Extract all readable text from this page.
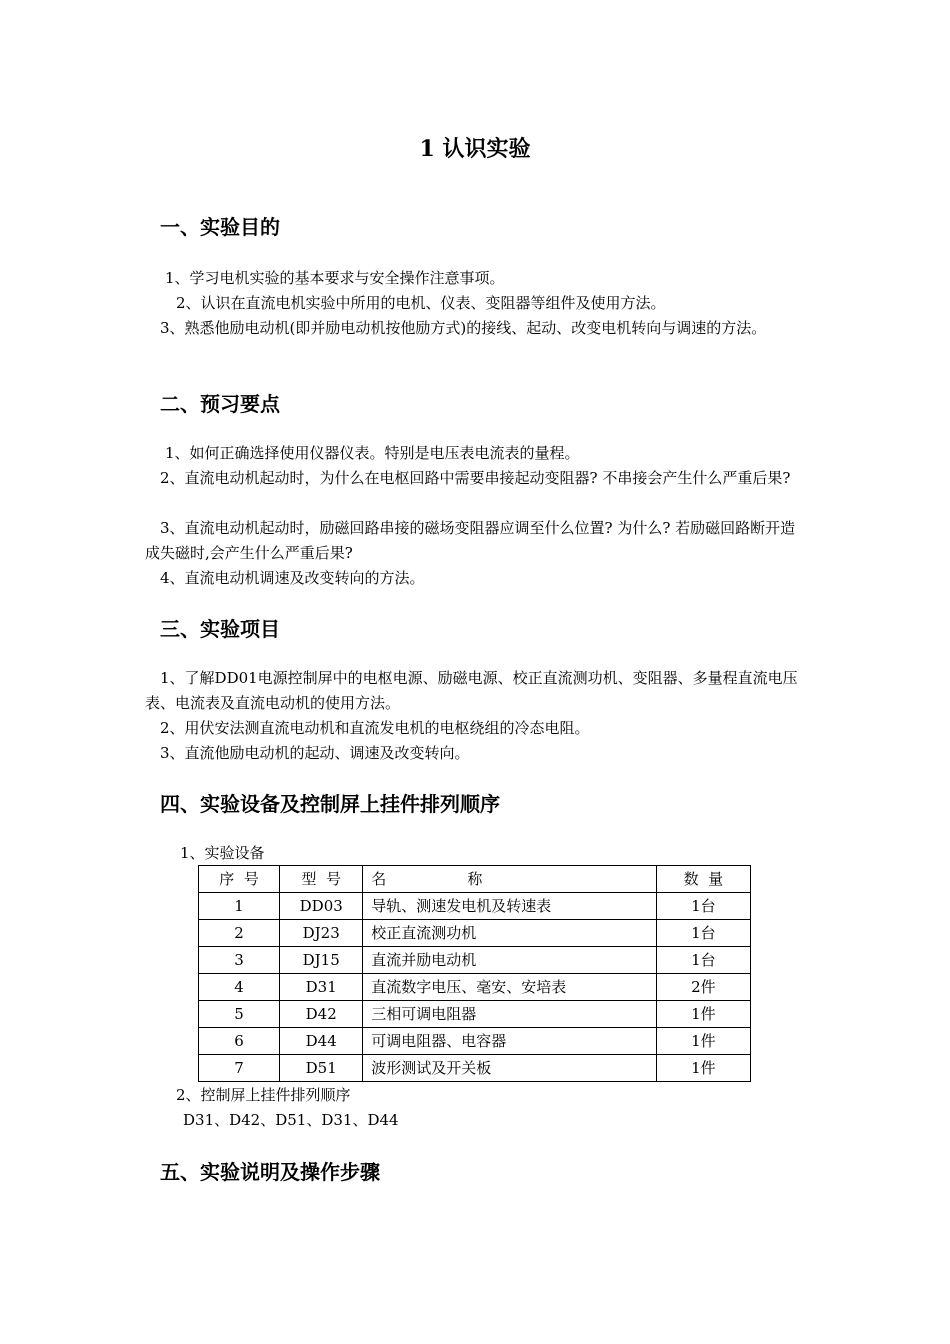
1 认识实验
一、实验目的
1、学习电机实验的基本要求与安全操作注意事项。
2、认识在直流电机实验中所用的电机、仪表、变阻器等组件及使用方法。
3、熟悉他励电动机(即并励电动机按他励方式)的接线、起动、改变电机转向与调速的方法。
二、预习要点
1、如何正确选择使用仪器仪表。特别是电压表电流表的量程。
2、直流电动机起动时，为什么在电枢回路中需要串接起动变阻器? 不串接会产生什么严重后果?
3、直流电动机起动时，励磁回路串接的磁场变阻器应调至什么位置? 为什么? 若励磁回路断开造成失磁时,会产生什么严重后果?
4、直流电动机调速及改变转向的方法。
三、实验项目
1、了解DD01电源控制屏中的电枢电源、励磁电源、校正直流测功机、变阻器、多量程直流电压表、电流表及直流电动机的使用方法。
2、用伏安法测直流电动机和直流发电机的电枢绕组的冷态电阻。
3、直流他励电动机的起动、调速及改变转向。
四、实验设备及控制屏上挂件排列顺序
1、实验设备
序  号	型  号	名                 称	数  量
1	DD03	导轨、测速发电机及转速表	1台
2	DJ23	校正直流测功机	1台
3	DJ15	直流并励电动机	1台
4	D31	直流数字电压、毫安、安培表	2件
5	D42	三相可调电阻器	1件
6	D44	可调电阻器、电容器	1件
7	D51	波形测试及开关板	1件
2、控制屏上挂件排列顺序
D31、D42、D51、D31、D44
五、实验说明及操作步骤
